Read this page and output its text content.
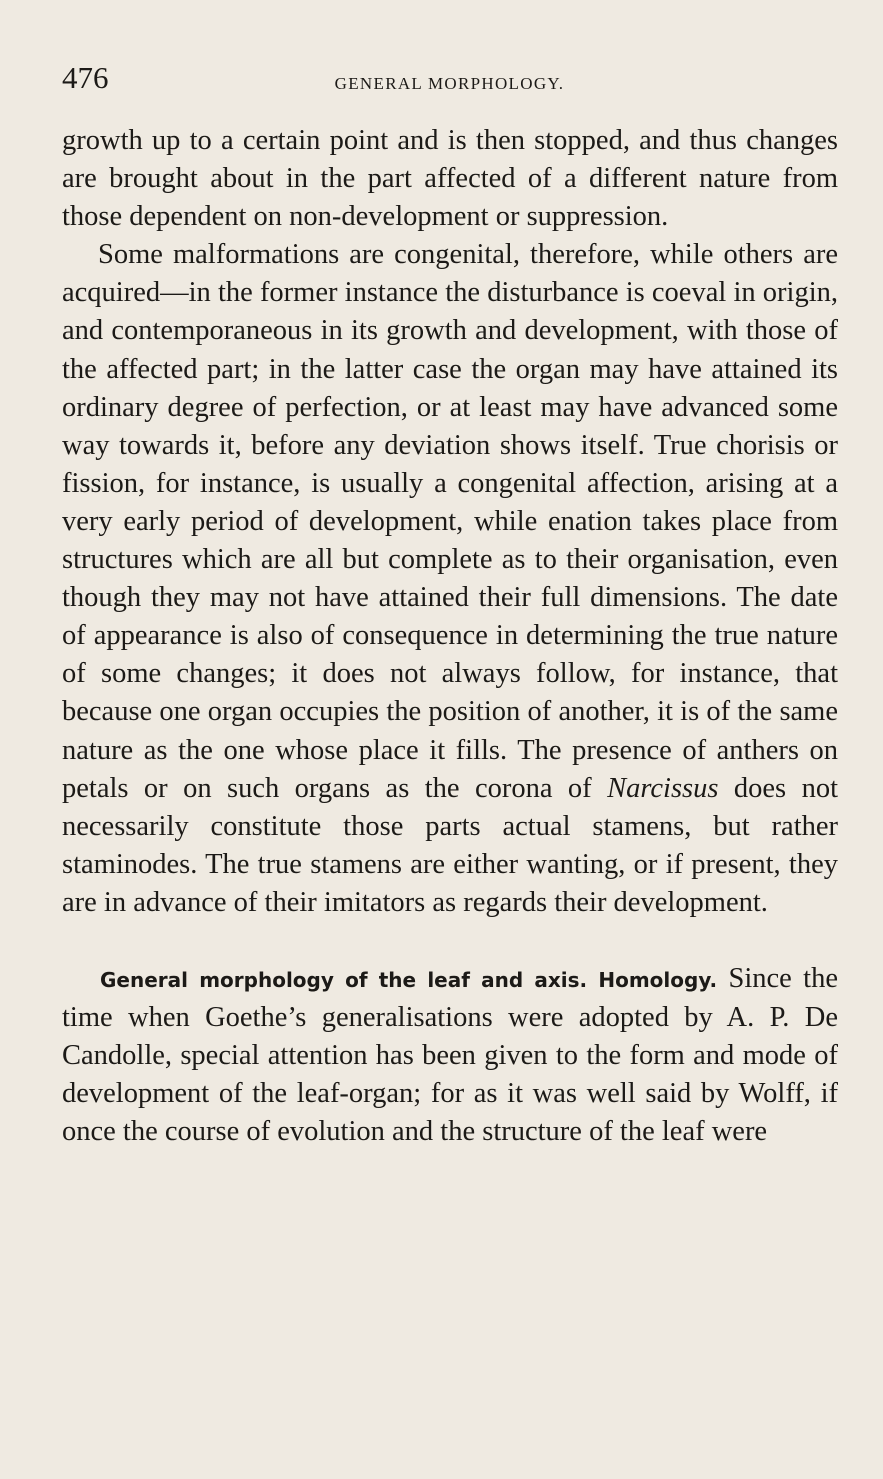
476	GENERAL MORPHOLOGY.

growth up to a certain point and is then stopped, and thus changes are brought about in the part affected of a different nature from those dependent on non-development or suppression.

Some malformations are congenital, therefore, while others are acquired—in the former instance the disturbance is coeval in origin, and contemporaneous in its growth and development, with those of the affected part; in the latter case the organ may have attained its ordinary degree of perfection, or at least may have advanced some way towards it, before any deviation shows itself. True chorisis or fission, for instance, is usually a congenital affection, arising at a very early period of development, while enation takes place from structures which are all but complete as to their organisation, even though they may not have attained their full dimensions. The date of appearance is also of consequence in determining the true nature of some changes; it does not always follow, for instance, that because one organ occupies the position of another, it is of the same nature as the one whose place it fills. The presence of anthers on petals or on such organs as the corona of Narcissus does not necessarily constitute those parts actual stamens, but rather staminodes. The true stamens are either wanting, or if present, they are in advance of their imitators as regards their development.

General morphology of the leaf and axis. Homology. Since the time when Goethe’s generalisations were adopted by A. P. De Candolle, special attention has been given to the form and mode of development of the leaf-organ; for as it was well said by Wolff, if once the course of evolution and the structure of the leaf were
